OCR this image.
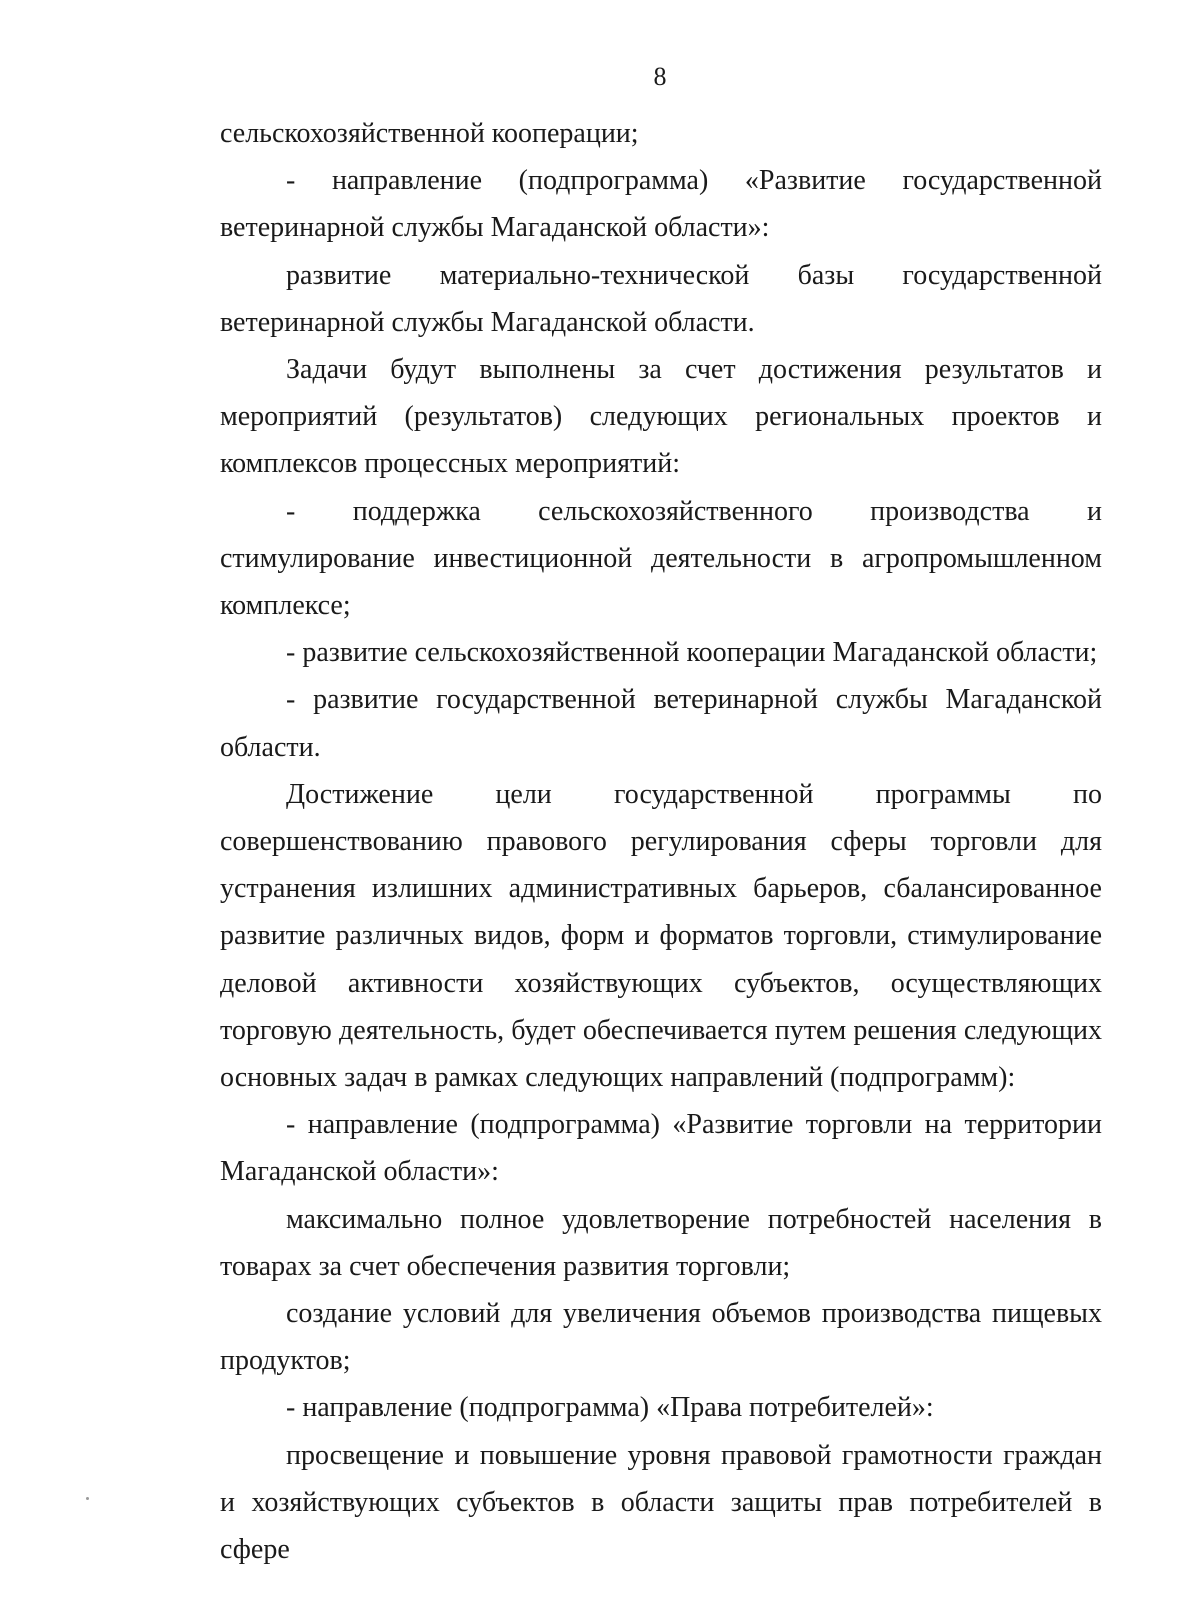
8

сельскохозяйственной кооперации;

- направление (подпрограмма) «Развитие государственной ветеринарной службы Магаданской области»:

развитие материально-технической базы государственной ветеринарной службы Магаданской области.

Задачи будут выполнены за счет достижения результатов и мероприятий (результатов) следующих региональных проектов и комплексов процессных мероприятий:

- поддержка сельскохозяйственного производства и стимулирование инвестиционной деятельности в агропромышленном комплексе;

- развитие сельскохозяйственной кооперации Магаданской области;

- развитие государственной ветеринарной службы Магаданской области.

Достижение цели государственной программы по совершенствованию правового регулирования сферы торговли для устранения излишних административных барьеров, сбалансированное развитие различных видов, форм и форматов торговли, стимулирование деловой активности хозяйствующих субъектов, осуществляющих торговую деятельность, будет обеспечивается путем решения следующих основных задач в рамках следующих направлений (подпрограмм):

- направление (подпрограмма) «Развитие торговли на территории Магаданской области»:

максимально полное удовлетворение потребностей населения в товарах за счет обеспечения развития торговли;

создание условий для увеличения объемов производства пищевых продуктов;

- направление (подпрограмма) «Права потребителей»:

просвещение и повышение уровня правовой грамотности граждан и хозяйствующих субъектов в области защиты прав потребителей в сфере
